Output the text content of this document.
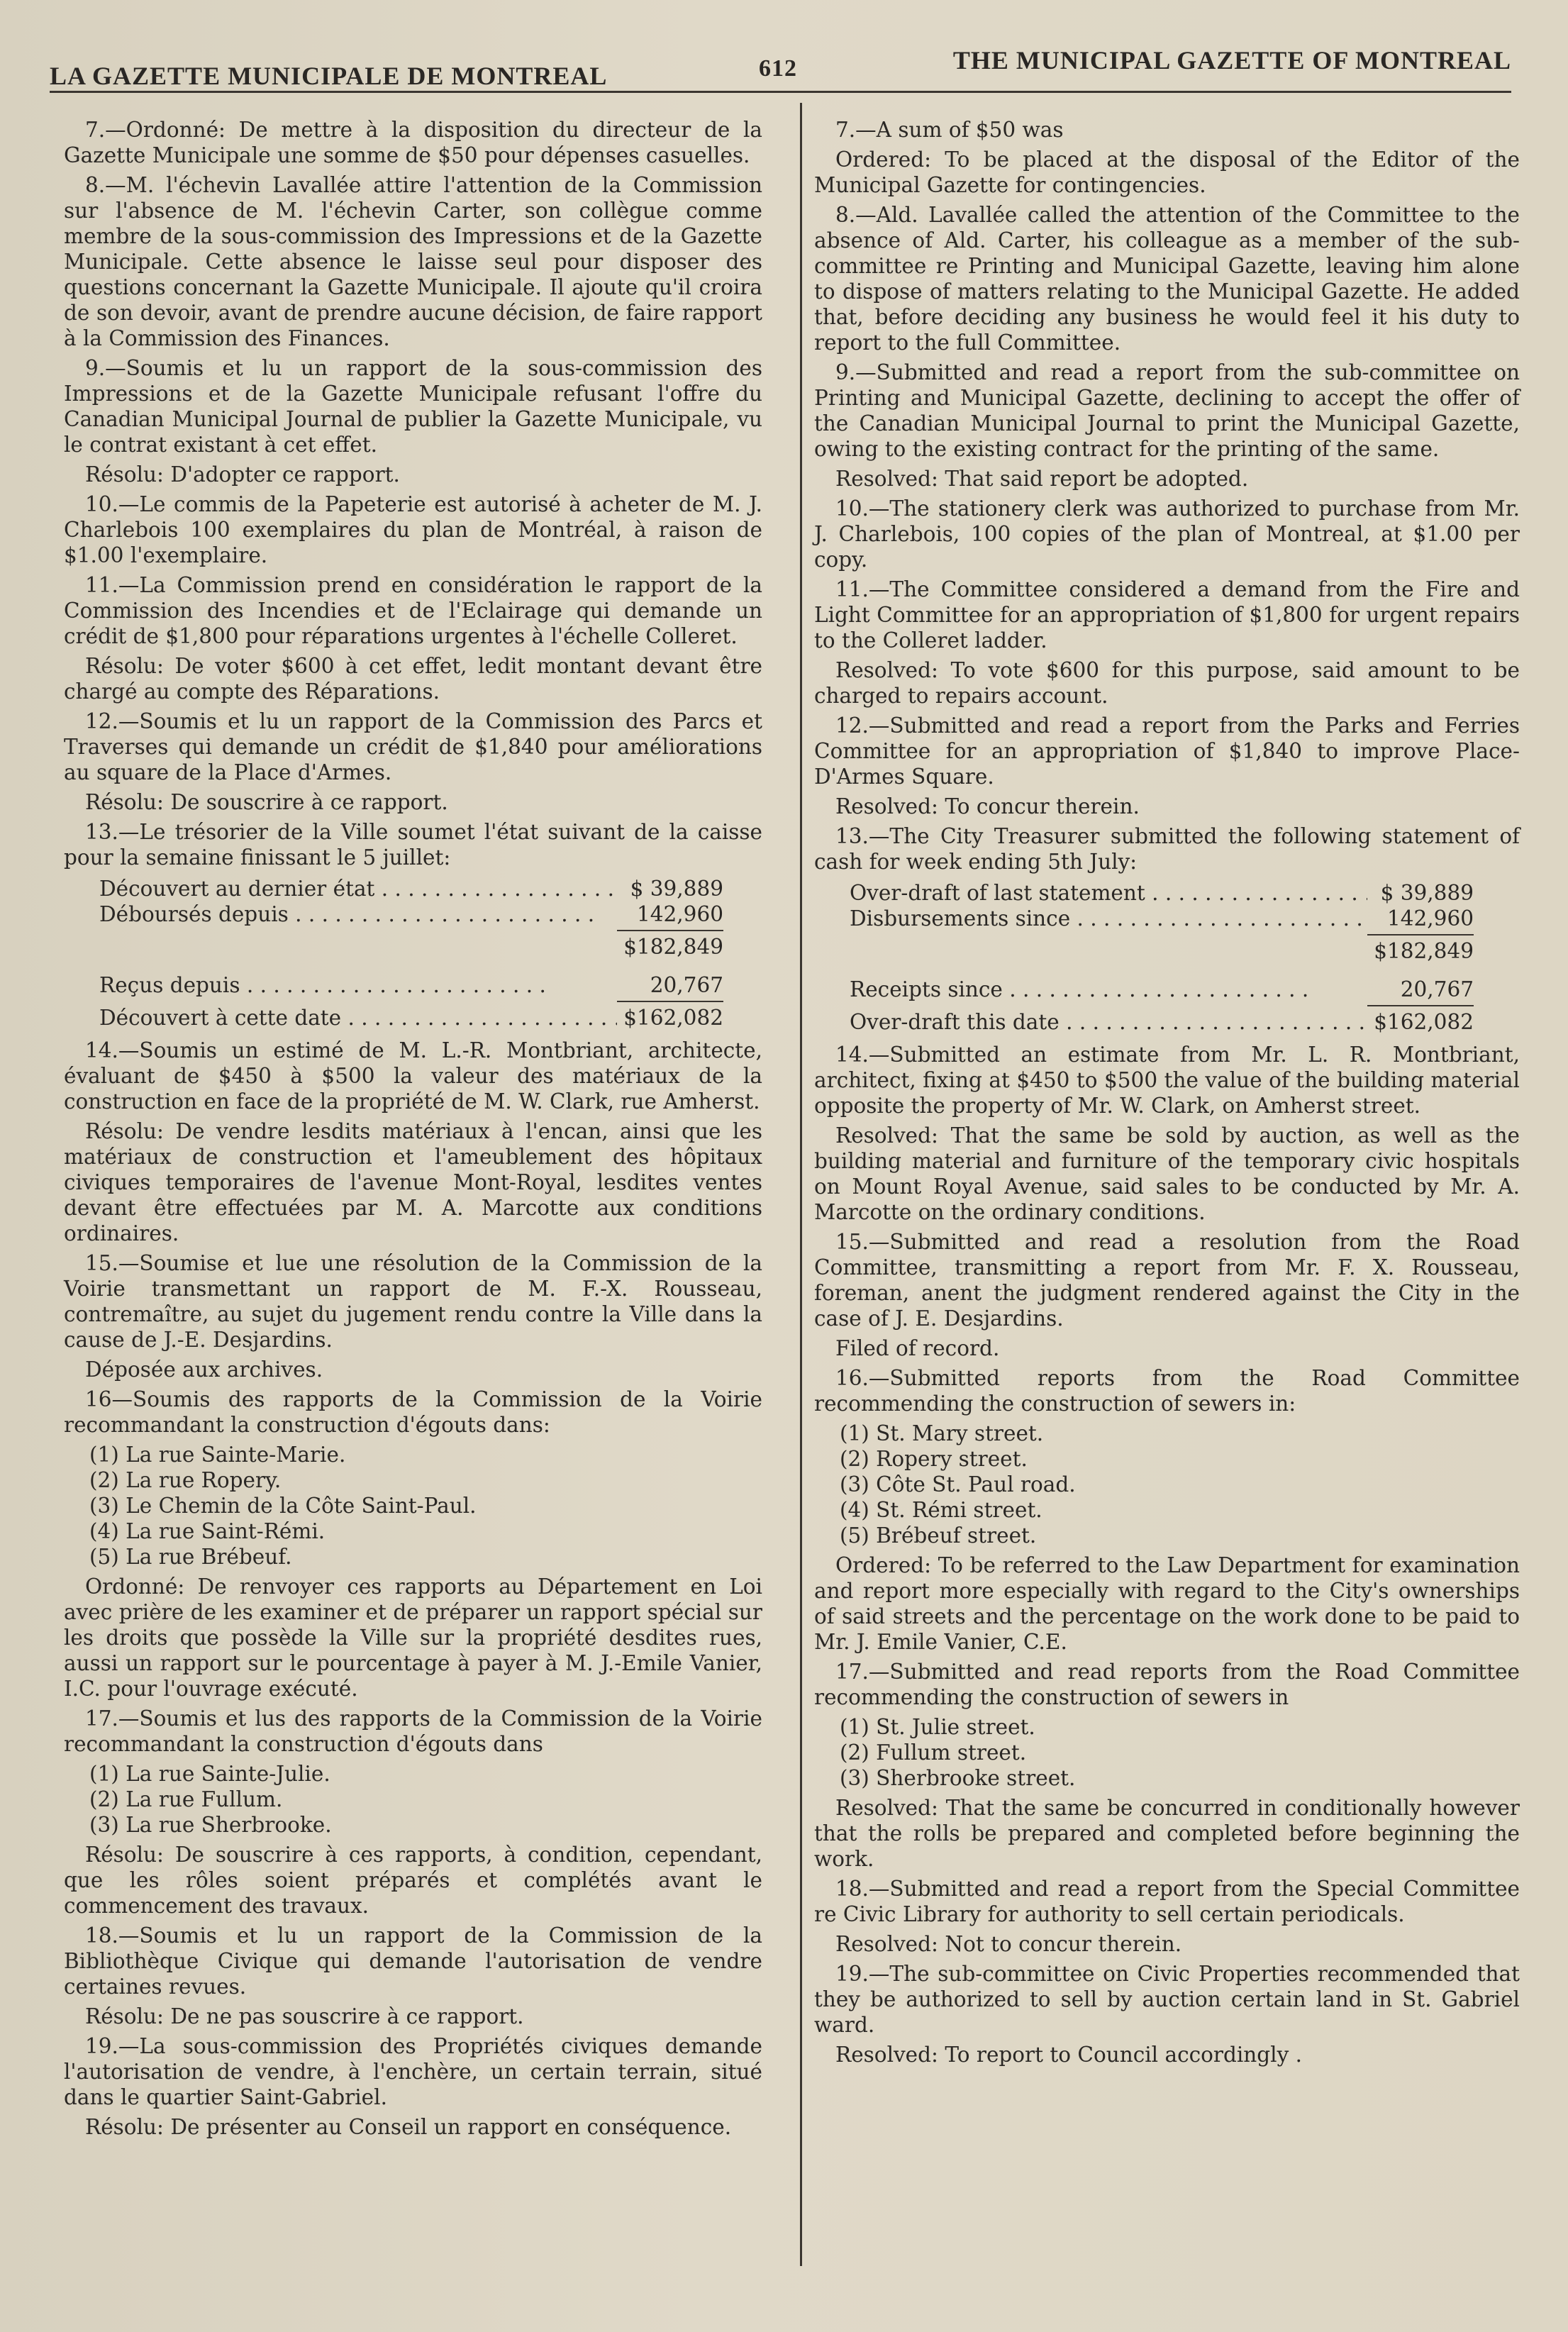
LA GAZETTE MUNICIPALE DE MONTREAL	612	THE MUNICIPAL GAZETTE OF MONTREAL

7.—Ordonné: De mettre à la disposition du directeur de la Gazette Municipale une somme de $50 pour dépenses casuelles.

8.—M. l'échevin Lavallée attire l'attention de la Commission sur l'absence de M. l'échevin Carter, son collègue comme membre de la sous-commission des Impressions et de la Gazette Municipale. Cette absence le laisse seul pour disposer des questions concernant la Gazette Municipale. Il ajoute qu'il croira de son devoir, avant de prendre aucune décision, de faire rapport à la Commission des Finances.

9.—Soumis et lu un rapport de la sous-commission des Impressions et de la Gazette Municipale refusant l'offre du Canadian Municipal Journal de publier la Gazette Municipale, vu le contrat existant à cet effet.

Résolu: D'adopter ce rapport.

10.—Le commis de la Papeterie est autorisé à acheter de M. J. Charlebois 100 exemplaires du plan de Montréal, à raison de $1.00 l'exemplaire.

11.—La Commission prend en considération le rapport de la Commission des Incendies et de l'Eclairage qui demande un crédit de $1,800 pour réparations urgentes à l'échelle Colleret.

Résolu: De voter $600 à cet effet, ledit montant devant être chargé au compte des Réparations.

12.—Soumis et lu un rapport de la Commission des Parcs et Traverses qui demande un crédit de $1,840 pour améliorations au square de la Place d'Armes.

Résolu: De souscrire à ce rapport.

13.—Le trésorier de la Ville soumet l'état suivant de la caisse pour la semaine finissant le 5 juillet:

Découvert au dernier état . . .	$ 39,889
Déboursés depuis . . .	142,960
$182,849
Reçus depuis . . .	20,767
Découvert à cette date . . .	$162,082

14.—Soumis un estimé de M. L.-R. Montbriant, architecte, évaluant de $450 à $500 la valeur des matériaux de la construction en face de la propriété de M. W. Clark, rue Amherst.

Résolu: De vendre lesdits matériaux à l'encan, ainsi que les matériaux de construction et l'ameublement des hôpitaux civiques temporaires de l'avenue Mont-Royal, lesdites ventes devant être effectuées par M. A. Marcotte aux conditions ordinaires.

15.—Soumise et lue une résolution de la Commission de la Voirie transmettant un rapport de M. F.-X. Rousseau, contremaître, au sujet du jugement rendu contre la Ville dans la cause de J.-E. Desjardins.

Déposée aux archives.

16—Soumis des rapports de la Commission de la Voirie recommandant la construction d'égouts dans:

(1) La rue Sainte-Marie.
(2) La rue Ropery.
(3) Le Chemin de la Côte Saint-Paul.
(4) La rue Saint-Rémi.
(5) La rue Brébeuf.

Ordonné: De renvoyer ces rapports au Département en Loi avec prière de les examiner et de préparer un rapport spécial sur les droits que possède la Ville sur la propriété desdites rues, aussi un rapport sur le pourcentage à payer à M. J.-Emile Vanier, I.C. pour l'ouvrage exécuté.

17.—Soumis et lus des rapports de la Commission de la Voirie recommandant la construction d'égouts dans

(1) La rue Sainte-Julie.
(2) La rue Fullum.
(3) La rue Sherbrooke.

Résolu: De souscrire à ces rapports, à condition, cependant, que les rôles soient préparés et complétés avant le commencement des travaux.

18.—Soumis et lu un rapport de la Commission de la Bibliothèque Civique qui demande l'autorisation de vendre certaines revues.

Résolu: De ne pas souscrire à ce rapport.

19.—La sous-commission des Propriétés civiques demande l'autorisation de vendre, à l'enchère, un certain terrain, situé dans le quartier Saint-Gabriel.

Résolu: De présenter au Conseil un rapport en conséquence.

7.—A sum of $50 was

Ordered: To be placed at the disposal of the Editor of the Municipal Gazette for contingencies.

8.—Ald. Lavallée called the attention of the Committee to the absence of Ald. Carter, his colleague as a member of the sub-committee re Printing and Municipal Gazette, leaving him alone to dispose of matters relating to the Municipal Gazette. He added that, before deciding any business he would feel it his duty to report to the full Committee.

9.—Submitted and read a report from the sub-committee on Printing and Municipal Gazette, declining to accept the offer of the Canadian Municipal Journal to print the Municipal Gazette, owing to the existing contract for the printing of the same.

Resolved: That said report be adopted.

10.—The stationery clerk was authorized to purchase from Mr. J. Charlebois, 100 copies of the plan of Montreal, at $1.00 per copy.

11.—The Committee considered a demand from the Fire and Light Committee for an appropriation of $1,800 for urgent repairs to the Colleret ladder.

Resolved: To vote $600 for this purpose, said amount to be charged to repairs account.

12.—Submitted and read a report from the Parks and Ferries Committee for an appropriation of $1,840 to improve Place-D'Armes Square.

Resolved: To concur therein.

13.—The City Treasurer submitted the following statement of cash for week ending 5th July:

Over-draft of last statement . . .	$ 39,889
Disbursements since . . .	142,960
$182,849
Receipts since . . .	20,767
Over-draft this date . . .	$162,082

14.—Submitted an estimate from Mr. L. R. Montbriant, architect, fixing at $450 to $500 the value of the building material opposite the property of Mr. W. Clark, on Amherst street.

Resolved: That the same be sold by auction, as well as the building material and furniture of the temporary civic hospitals on Mount Royal Avenue, said sales to be conducted by Mr. A. Marcotte on the ordinary conditions.

15.—Submitted and read a resolution from the Road Committee, transmitting a report from Mr. F. X. Rousseau, foreman, anent the judgment rendered against the City in the case of J. E. Desjardins.

Filed of record.

16.—Submitted reports from the Road Committee recommending the construction of sewers in:

(1) St. Mary street.
(2) Ropery street.
(3) Côte St. Paul road.
(4) St. Rémi street.
(5) Brébeuf street.

Ordered: To be referred to the Law Department for examination and report more especially with regard to the City's ownerships of said streets and the percentage on the work done to be paid to Mr. J. Emile Vanier, C.E.

17.—Submitted and read reports from the Road Committee recommending the construction of sewers in

(1) St. Julie street.
(2) Fullum street.
(3) Sherbrooke street.

Resolved: That the same be concurred in conditionally however that the rolls be prepared and completed before beginning the work.

18.—Submitted and read a report from the Special Committee re Civic Library for authority to sell certain periodicals.

Resolved: Not to concur therein.

19.—The sub-committee on Civic Properties recommended that they be authorized to sell by auction certain land in St. Gabriel ward.

Resolved: To report to Council accordingly .
